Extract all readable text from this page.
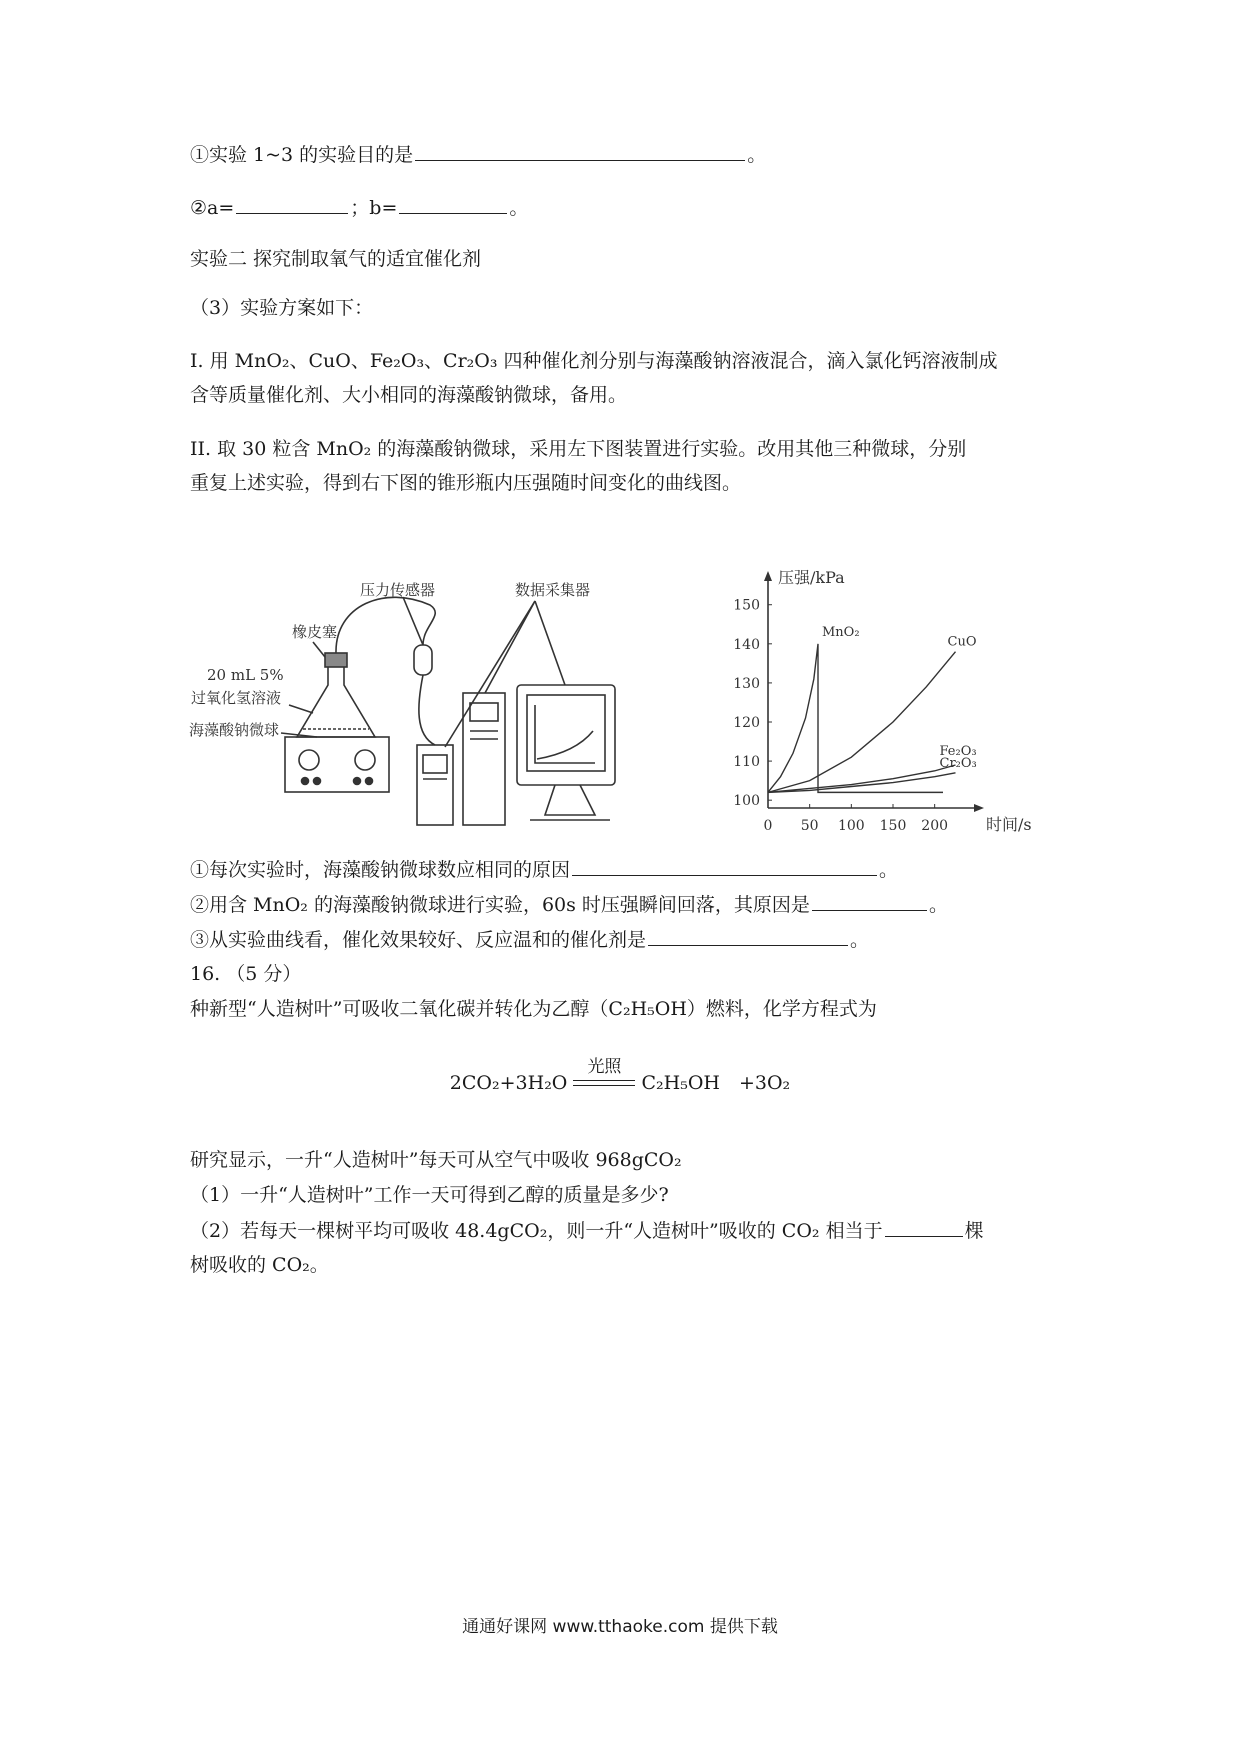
①实验 1~3 的实验目的是	。

②a=	；b=	。

实验二 探究制取氧气的适宜催化剂

（3）实验方案如下：

I. 用 MnO₂、CuO、Fe₂O₃、Cr₂O₃ 四种催化剂分别与海藻酸钠溶液混合，滴入氯化钙溶液制成

含等质量催化剂、大小相同的海藻酸钠微球，备用。

II. 取 30 粒含 MnO₂ 的海藻酸钠微球，采用左下图装置进行实验。改用其他三种微球，分别

重复上述实验，得到右下图的锥形瓶内压强随时间变化的曲线图。

压力传感器	数据采集器
橡皮塞
20 mL 5%
过氧化氢溶液
海藻酸钠微球
0 50 100 150 200
100
110
120
130
140
150
MnO₂
CuO
Fe₂O₃
Cr₂O₃
压强/kPa
时间/s

①每次实验时，海藻酸钠微球数应相同的原因	。

②用含 MnO₂ 的海藻酸钠微球进行实验，60s 时压强瞬间回落，其原因是	。

③从实验曲线看，催化效果较好、反应温和的催化剂是	。

16. （5 分）

种新型“人造树叶”可吸收二氧化碳并转化为乙醇（C₂H₅OH）燃料，化学方程式为

2CO₂+3H₂O
光照
C₂H₅OH　+3O₂

研究显示，一升“人造树叶”每天可从空气中吸收 968gCO₂

（1）一升“人造树叶”工作一天可得到乙醇的质量是多少?

（2）若每天一棵树平均可吸收 48.4gCO₂，则一升“人造树叶”吸收的 CO₂ 相当于	棵

树吸收的 CO₂。

通通好课网 www.tthaoke.com 提供下载
